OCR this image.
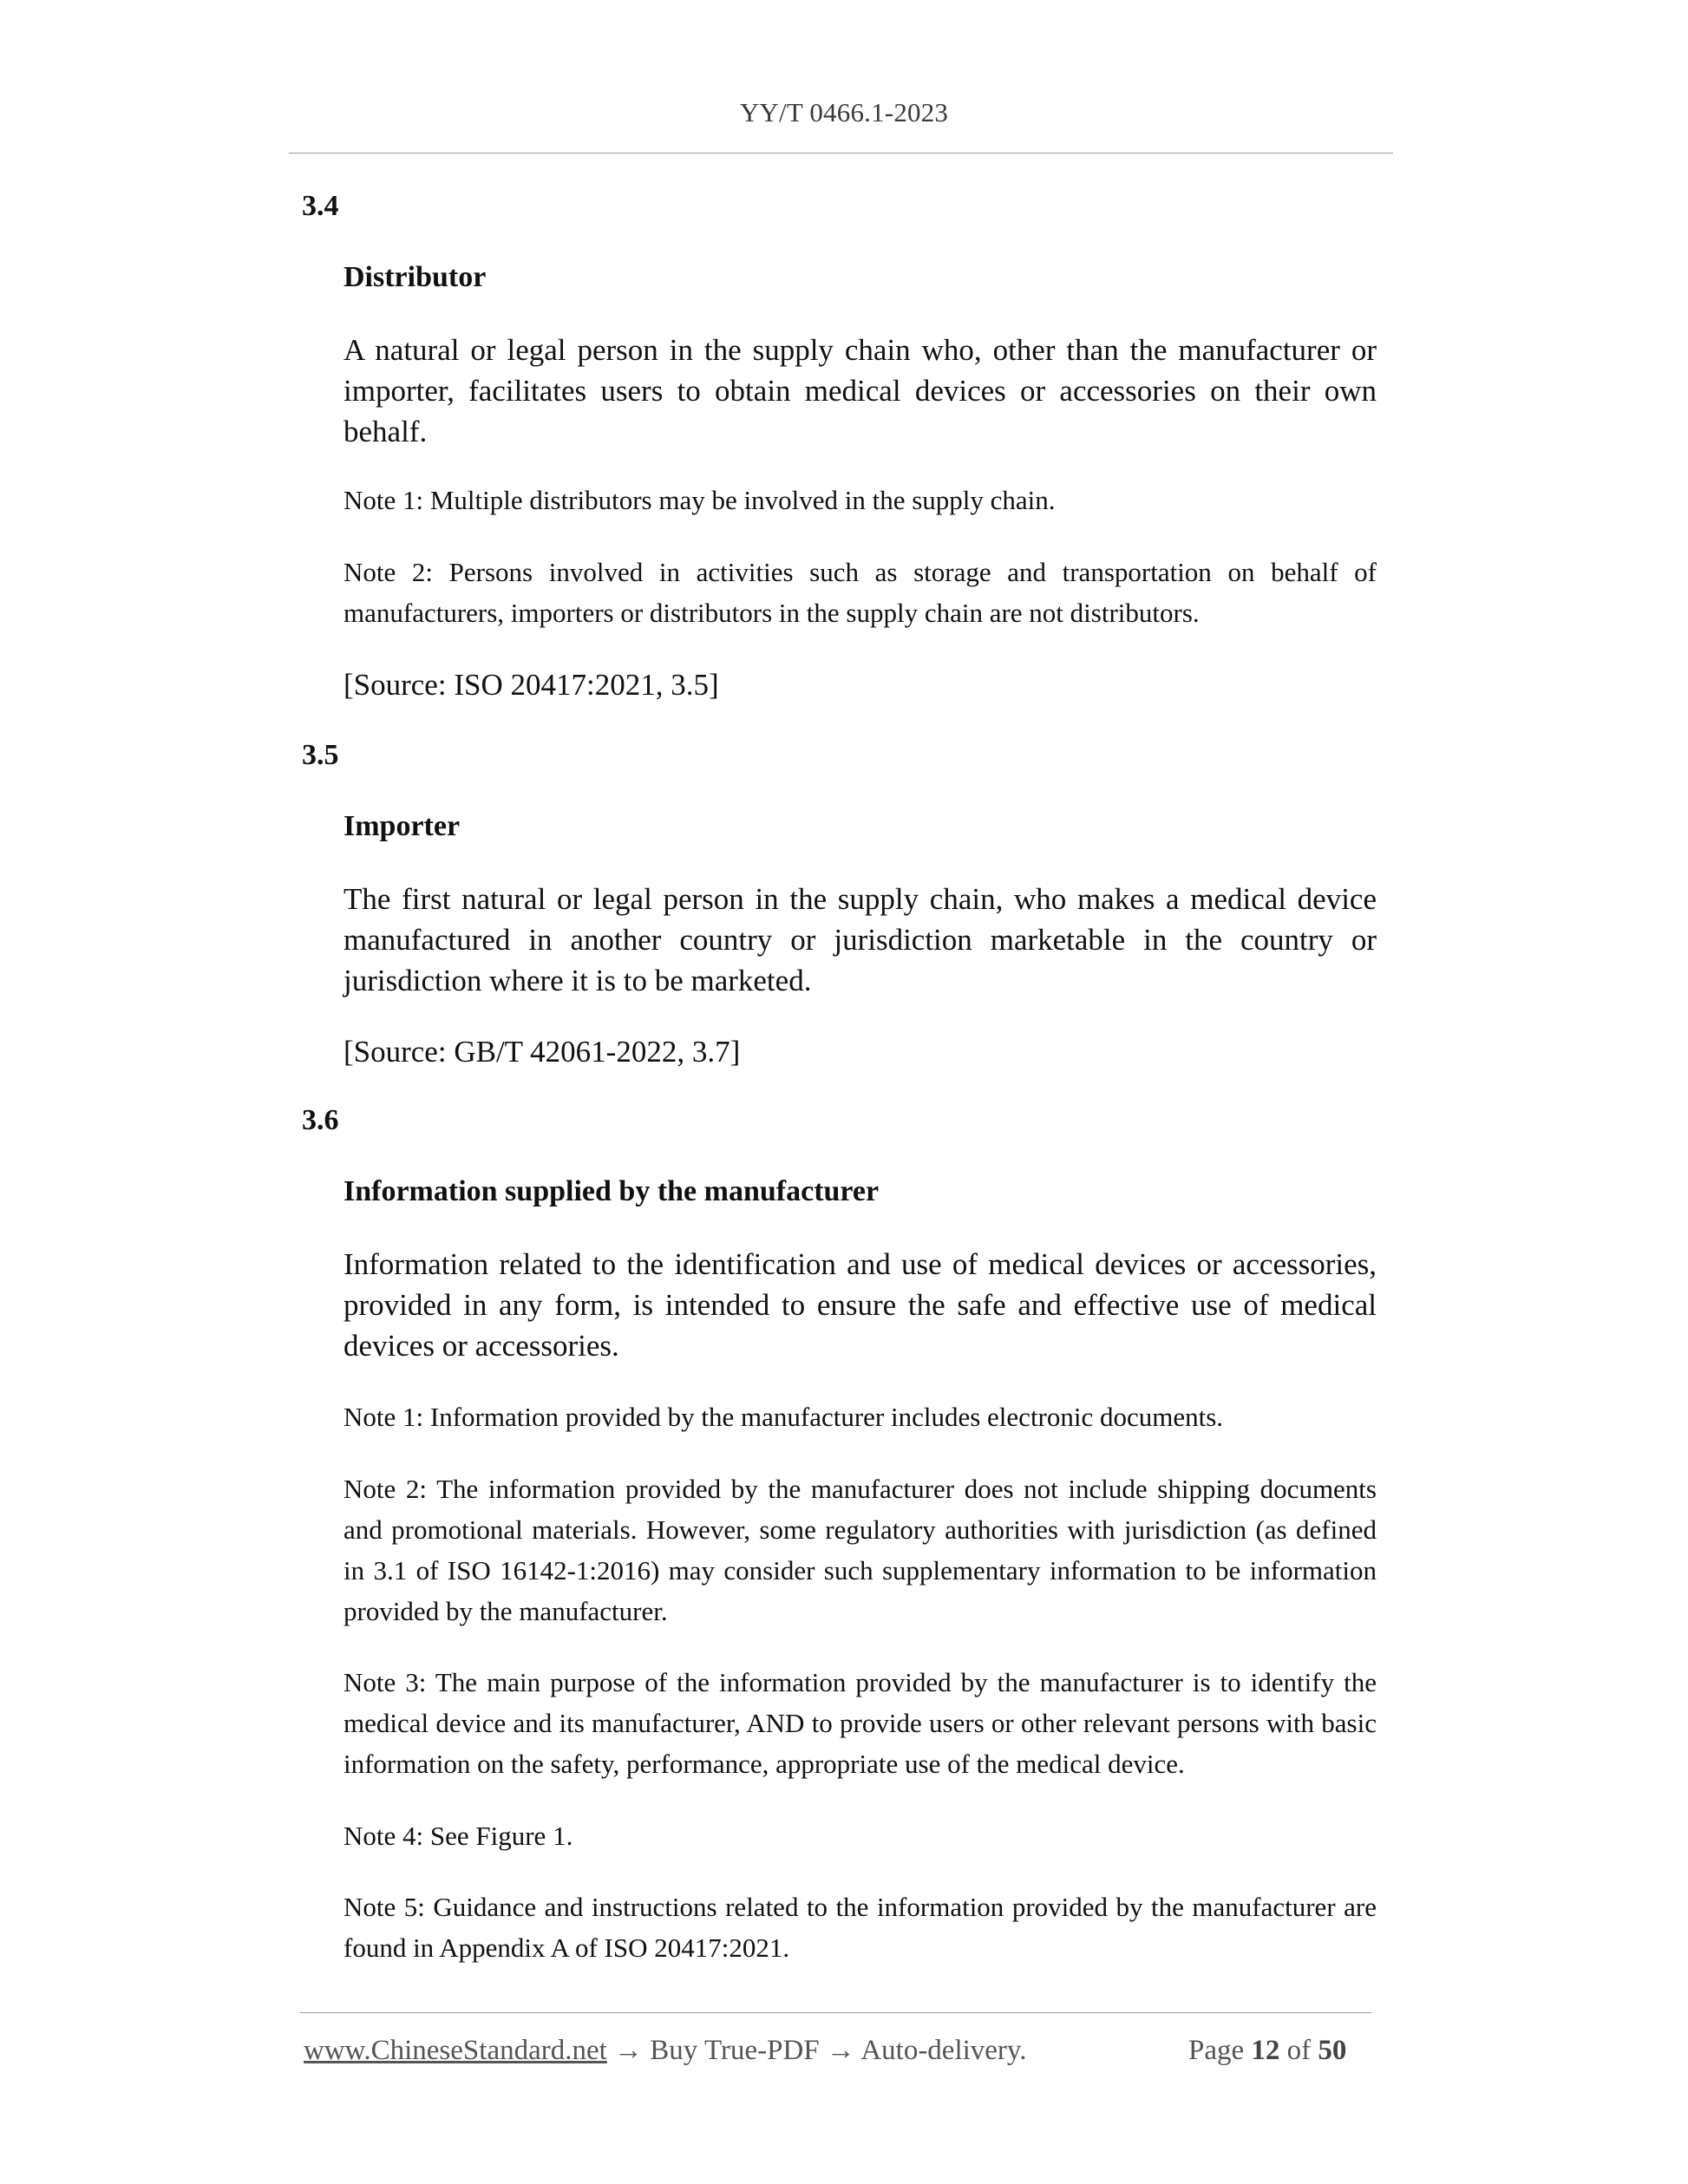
YY/T 0466.1-2023
3.4
Distributor
A natural or legal person in the supply chain who, other than the manufacturer or importer, facilitates users to obtain medical devices or accessories on their own behalf.
Note 1: Multiple distributors may be involved in the supply chain.
Note 2: Persons involved in activities such as storage and transportation on behalf of manufacturers, importers or distributors in the supply chain are not distributors.
[Source: ISO 20417:2021, 3.5]
3.5
Importer
The first natural or legal person in the supply chain, who makes a medical device manufactured in another country or jurisdiction marketable in the country or jurisdiction where it is to be marketed.
[Source: GB/T 42061-2022, 3.7]
3.6
Information supplied by the manufacturer
Information related to the identification and use of medical devices or accessories, provided in any form, is intended to ensure the safe and effective use of medical devices or accessories.
Note 1: Information provided by the manufacturer includes electronic documents.
Note 2: The information provided by the manufacturer does not include shipping documents and promotional materials. However, some regulatory authorities with jurisdiction (as defined in 3.1 of ISO 16142-1:2016) may consider such supplementary information to be information provided by the manufacturer.
Note 3: The main purpose of the information provided by the manufacturer is to identify the medical device and its manufacturer, AND to provide users or other relevant persons with basic information on the safety, performance, appropriate use of the medical device.
Note 4: See Figure 1.
Note 5: Guidance and instructions related to the information provided by the manufacturer are found in Appendix A of ISO 20417:2021.
www.ChineseStandard.net → Buy True-PDF → Auto-delivery.	Page 12 of 50
